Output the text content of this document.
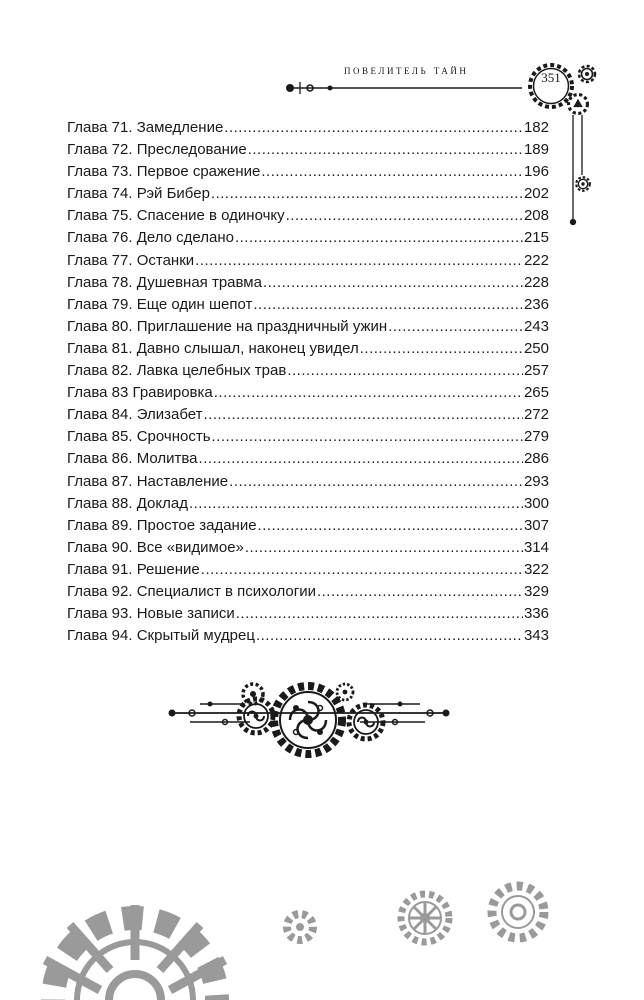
повелитель тайн
351
Глава 71. Замедление .....	182
Глава 72. Преследование .....	189
Глава 73. Первое сражение .....	196
Глава 74. Рэй Бибер .....	202
Глава 75. Спасение в одиночку .....	208
Глава 76. Дело сделано .....	215
Глава 77. Останки .....	222
Глава 78. Душевная травма .....	228
Глава 79. Еще один шепот .....	236
Глава 80. Приглашение на праздничный ужин .....	243
Глава 81. Давно слышал, наконец увидел .....	250
Глава 82. Лавка целебных трав .....	257
Глава 83 Гравировка .....	265
Глава 84. Элизабет .....	272
Глава 85. Срочность .....	279
Глава 86. Молитва .....	286
Глава 87. Наставление .....	293
Глава 88. Доклад .....	300
Глава 89. Простое задание .....	307
Глава 90. Все «видимое» .....	314
Глава 91. Решение .....	322
Глава 92. Специалист в психологии .....	329
Глава 93. Новые записи .....	336
Глава 94. Скрытый мудрец .....	343
